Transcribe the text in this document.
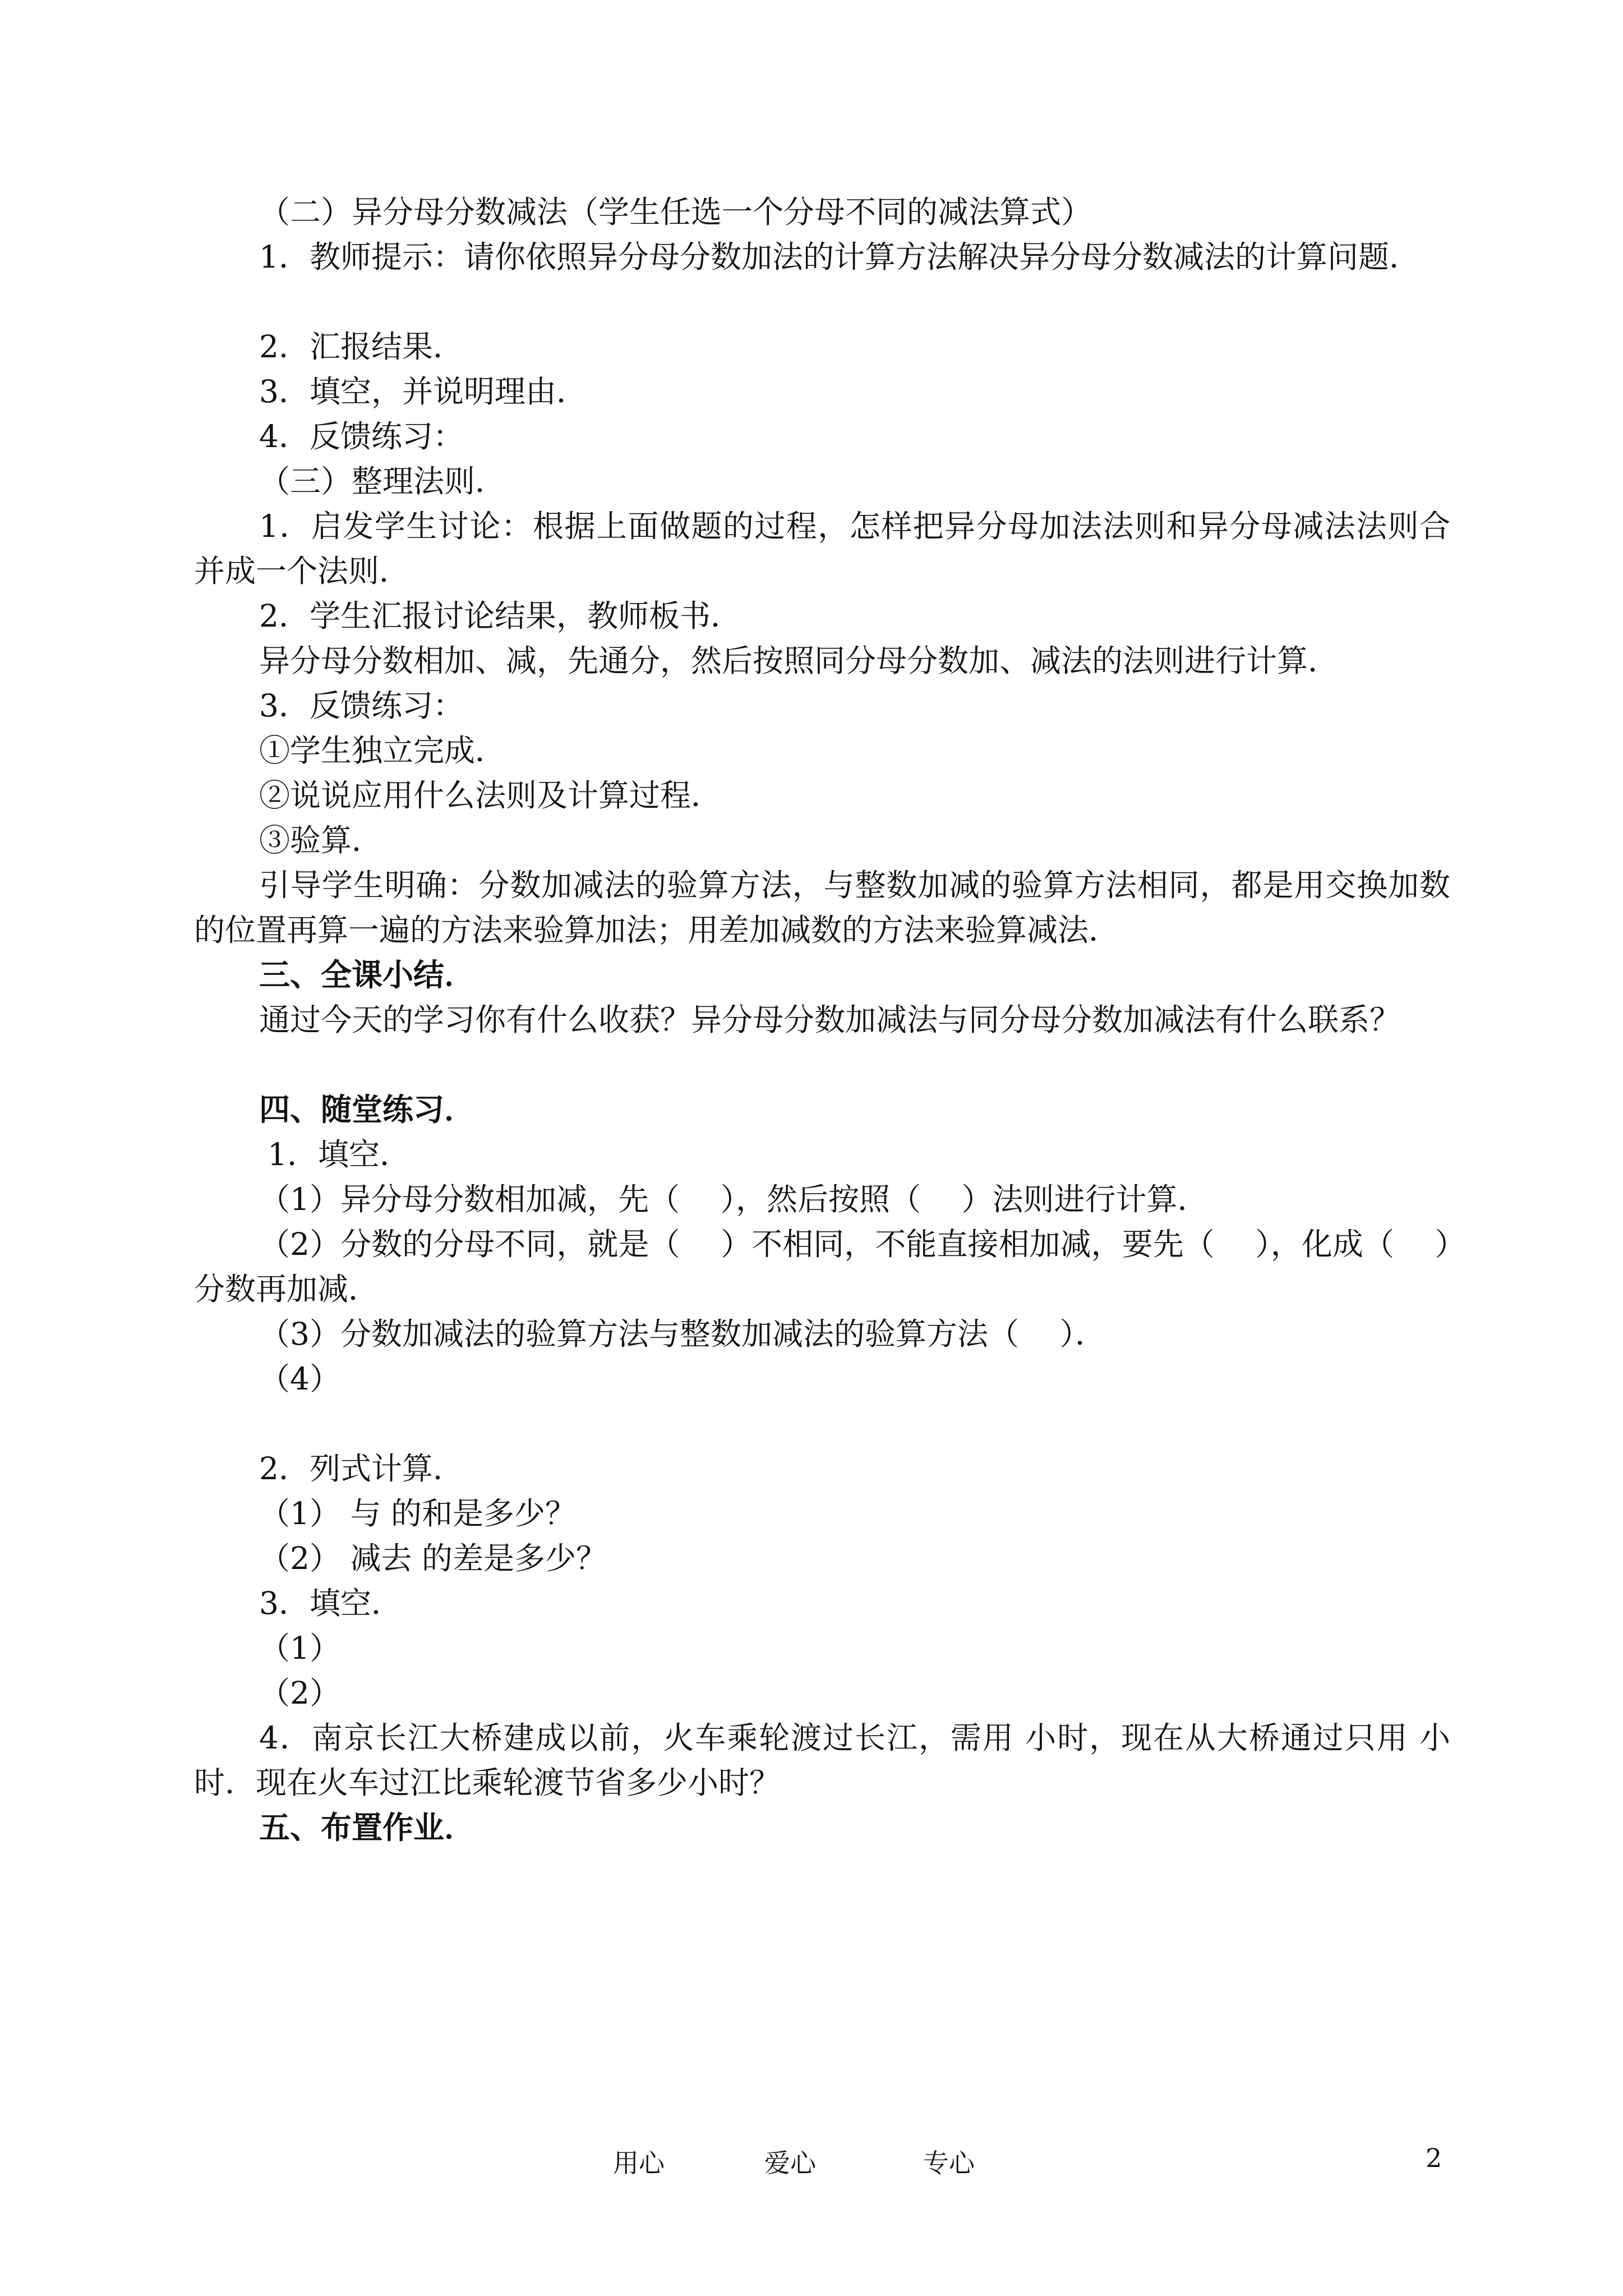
（二）异分母分数减法（学生任选一个分母不同的减法算式）
1．教师提示：请你依照异分母分数加法的计算方法解决异分母分数减法的计算问题．
2．汇报结果．
3．填空，并说明理由．
4．反馈练习：
（三）整理法则．
1．启发学生讨论：根据上面做题的过程，怎样把异分母加法法则和异分母减法法则合并成一个法则．
2．学生汇报讨论结果，教师板书．
异分母分数相加、减，先通分，然后按照同分母分数加、减法的法则进行计算．
3．反馈练习：
①学生独立完成．
②说说应用什么法则及计算过程．
③验算．
引导学生明确：分数加减法的验算方法，与整数加减的验算方法相同，都是用交换加数的位置再算一遍的方法来验算加法；用差加减数的方法来验算减法．
三、全课小结．
通过今天的学习你有什么收获？异分母分数加减法与同分母分数加减法有什么联系？
四、随堂练习．
1．填空．
（1）异分母分数相加减，先（　 ），然后按照（　 ）法则进行计算．
（2）分数的分母不同，就是（　 ）不相同，不能直接相加减，要先（　 ），化成（　 ）分数再加减．
（3）分数加减法的验算方法与整数加减法的验算方法（　 ）．
（4）
2．列式计算．
（1） 与 的和是多少？
（2） 减去 的差是多少？
3．填空．
（1）
（2）
4．南京长江大桥建成以前，火车乘轮渡过长江，需用 小时，现在从大桥通过只用 小时．现在火车过江比乘轮渡节省多少小时？
五、布置作业．
用心	爱心	专心	2
